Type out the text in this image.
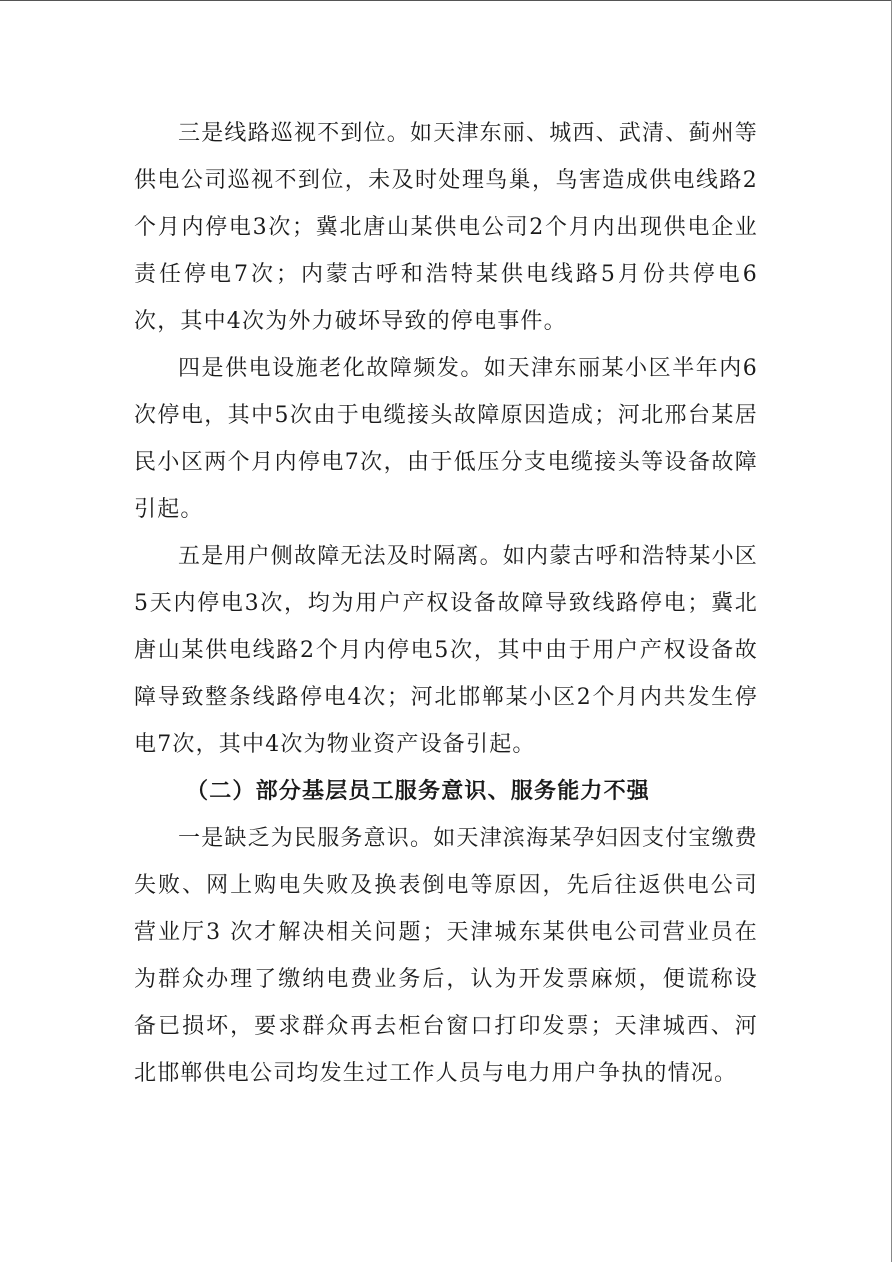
三是线路巡视不到位。如天津东丽、城西、武清、蓟州等供电公司巡视不到位，未及时处理鸟巢，鸟害造成供电线路2个月内停电3次；冀北唐山某供电公司2个月内出现供电企业责任停电7次；内蒙古呼和浩特某供电线路5月份共停电6次，其中4次为外力破坏导致的停电事件。

四是供电设施老化故障频发。如天津东丽某小区半年内6次停电，其中5次由于电缆接头故障原因造成；河北邢台某居民小区两个月内停电7次，由于低压分支电缆接头等设备故障引起。

五是用户侧故障无法及时隔离。如内蒙古呼和浩特某小区5天内停电3次，均为用户产权设备故障导致线路停电；冀北唐山某供电线路2个月内停电5次，其中由于用户产权设备故障导致整条线路停电4次；河北邯郸某小区2个月内共发生停电7次，其中4次为物业资产设备引起。

（二）部分基层员工服务意识、服务能力不强

一是缺乏为民服务意识。如天津滨海某孕妇因支付宝缴费失败、网上购电失败及换表倒电等原因，先后往返供电公司营业厅3 次才解决相关问题；天津城东某供电公司营业员在为群众办理了缴纳电费业务后，认为开发票麻烦，便谎称设备已损坏，要求群众再去柜台窗口打印发票；天津城西、河北邯郸供电公司均发生过工作人员与电力用户争执的情况。
